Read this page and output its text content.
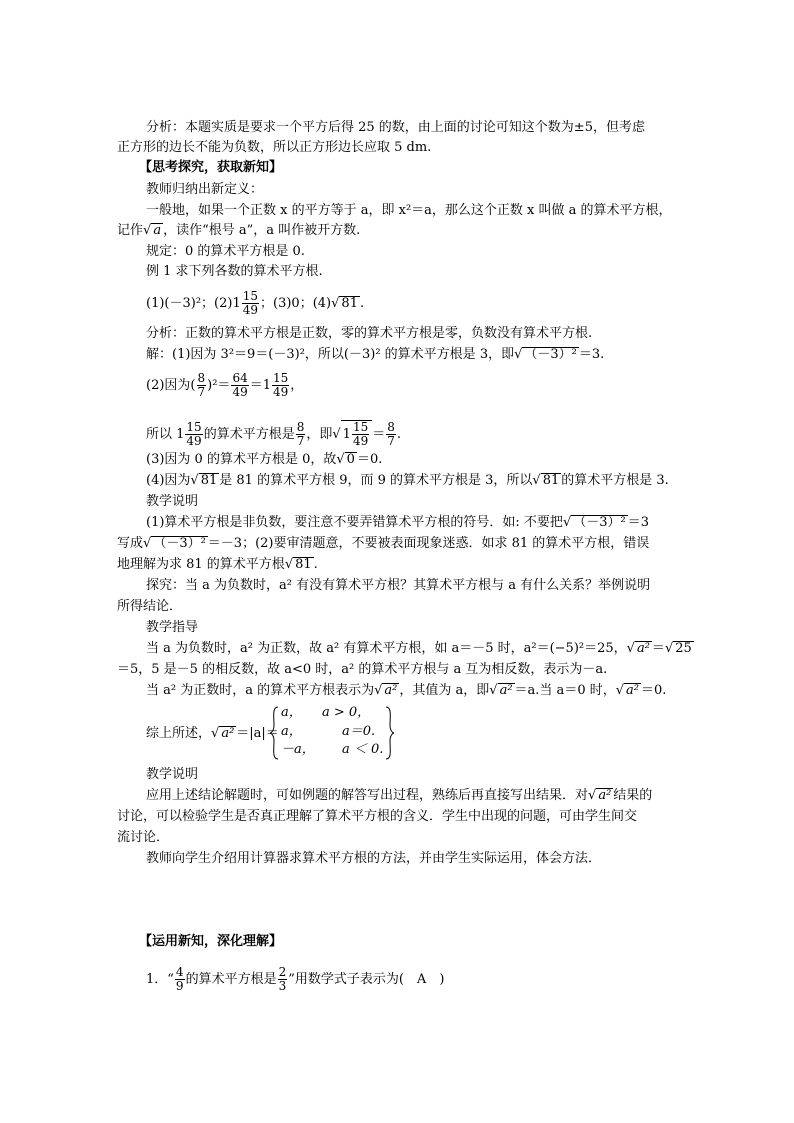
分析：本题实质是要求一个平方后得 25 的数，由上面的讨论可知这个数为±5，但考虑
正方形的边长不能为负数，所以正方形边长应取 5 dm.
【思考探究，获取新知】
教师归纳出新定义：
一般地，如果一个正数 x 的平方等于 a，即 x²＝a，那么这个正数 x 叫做 a 的算术平方根，
记作√ a ，读作“根号 a”，a 叫作被开方数.
规定：0 的算术平方根是 0.
例 1 求下列各数的算术平方根.
(1)(－3)²；$(2)1 \frac{15}{49}$ ；(3)0；(4)√ 81 .
分析：正数的算术平方根是正数，零的算术平方根是零，负数没有算术平方根.
解：(1)因为 3²＝9＝(－3)²，所以(－3)² 的算术平方根是 3，即√ （－3）² ＝3.
(2)因为( $\frac{8}{7} )^2= \frac{64}{49} =1 \frac{15}{49}$ ，
所以 $1 \frac{15}{49}$ 的算术平方根是 $\frac{8}{7}$ ，即√ $1 \frac{15}{49} = \frac{8}{7}$ .
(3)因为 0 的算术平方根是 0，故√ 0 ＝0.
(4)因为√ 81 是 81 的算术平方根 9，而 9 的算术平方根是 3，所以√ 81 的算术平方根是 3.
教学说明
(1)算术平方根是非负数，要注意不要弄错算术平方根的符号．如: 不要把√ （－3）² ＝3
写成√ （－3）² ＝－3；(2)要审清题意，不要被表面现象迷惑．如求 81 的算术平方根，错误
地理解为求 81 的算术平方根√ 81 .
探究：当 a 为负数时，a² 有没有算术平方根？其算术平方根与 a 有什么关系？举例说明
所得结论．
教学指导
当 a 为负数时，a² 为正数，故 a² 有算术平方根，如 a＝－5 时，a²＝(−5)²＝25，√ a² ＝√ 25
＝5，5 是－5 的相反数，故 a<0 时，a² 的算术平方根与 a 互为相反数，表示为－a.
当 a² 为正数时，a 的算术平方根表示为√ a² ，其值为 a，即√ a² ＝a.当 a＝0 时，√ a² ＝0.
综上所述，√ a² ＝|a|＝
a， a > 0，
a，	a＝0.
－a， a ＜ 0.
教学说明
应用上述结论解题时，可如例题的解答写出过程，熟练后再直接写出结果．对√ a² 结果的
讨论，可以检验学生是否真正理解了算术平方根的含义．学生中出现的问题，可由学生间交
流讨论．
教师向学生介绍用计算器求算术平方根的方法，并由学生实际运用，体会方法．
【运用新知，深化理解】
1．“ $\frac{4}{9}$ 的算术平方根是 $\frac{2}{3}$ ”用数学式子表示为(　A　)
